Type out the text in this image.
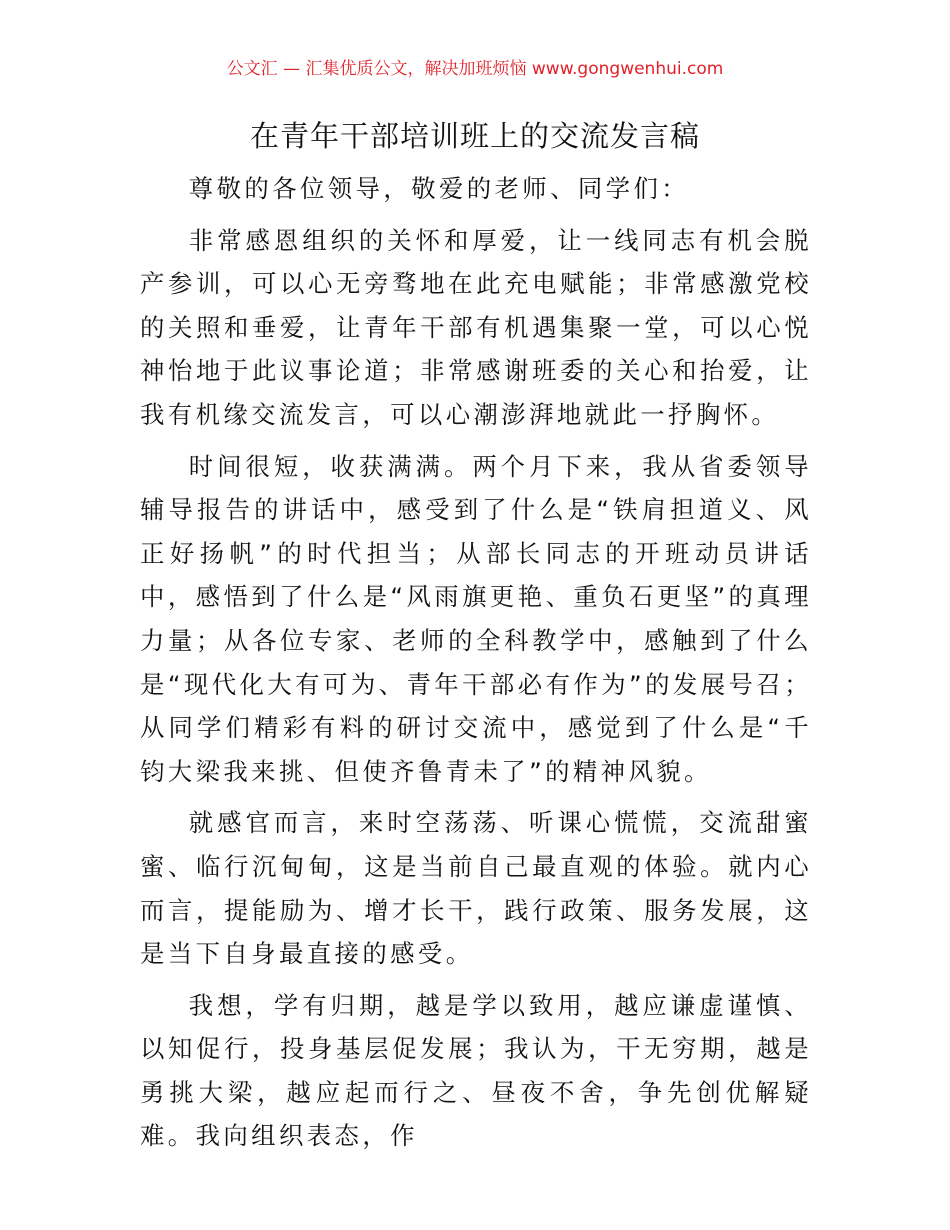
公文汇 — 汇集优质公文，解决加班烦恼 www.gongwenhui.com
在青年干部培训班上的交流发言稿

尊敬的各位领导，敬爱的老师、同学们：

非常感恩组织的关怀和厚爱，让一线同志有机会脱产参训，可以心无旁骛地在此充电赋能；非常感激党校的关照和垂爱，让青年干部有机遇集聚一堂，可以心悦神怡地于此议事论道；非常感谢班委的关心和抬爱，让我有机缘交流发言，可以心潮澎湃地就此一抒胸怀。

时间很短，收获满满。两个月下来，我从省委领导辅导报告的讲话中，感受到了什么是“铁肩担道义、风正好扬帆”的时代担当；从部长同志的开班动员讲话中，感悟到了什么是“风雨旗更艳、重负石更坚”的真理力量；从各位专家、老师的全科教学中，感触到了什么是“现代化大有可为、青年干部必有作为”的发展号召；从同学们精彩有料的研讨交流中，感觉到了什么是“千钧大梁我来挑、但使齐鲁青未了”的精神风貌。

就感官而言，来时空荡荡、听课心慌慌，交流甜蜜蜜、临行沉甸甸，这是当前自己最直观的体验。就内心而言，提能励为、增才长干，践行政策、服务发展，这是当下自身最直接的感受。

我想，学有归期，越是学以致用，越应谦虚谨慎、以知促行，投身基层促发展；我认为，干无穷期，越是勇挑大梁，越应起而行之、昼夜不舍，争先创优解疑难。我向组织表态，作
